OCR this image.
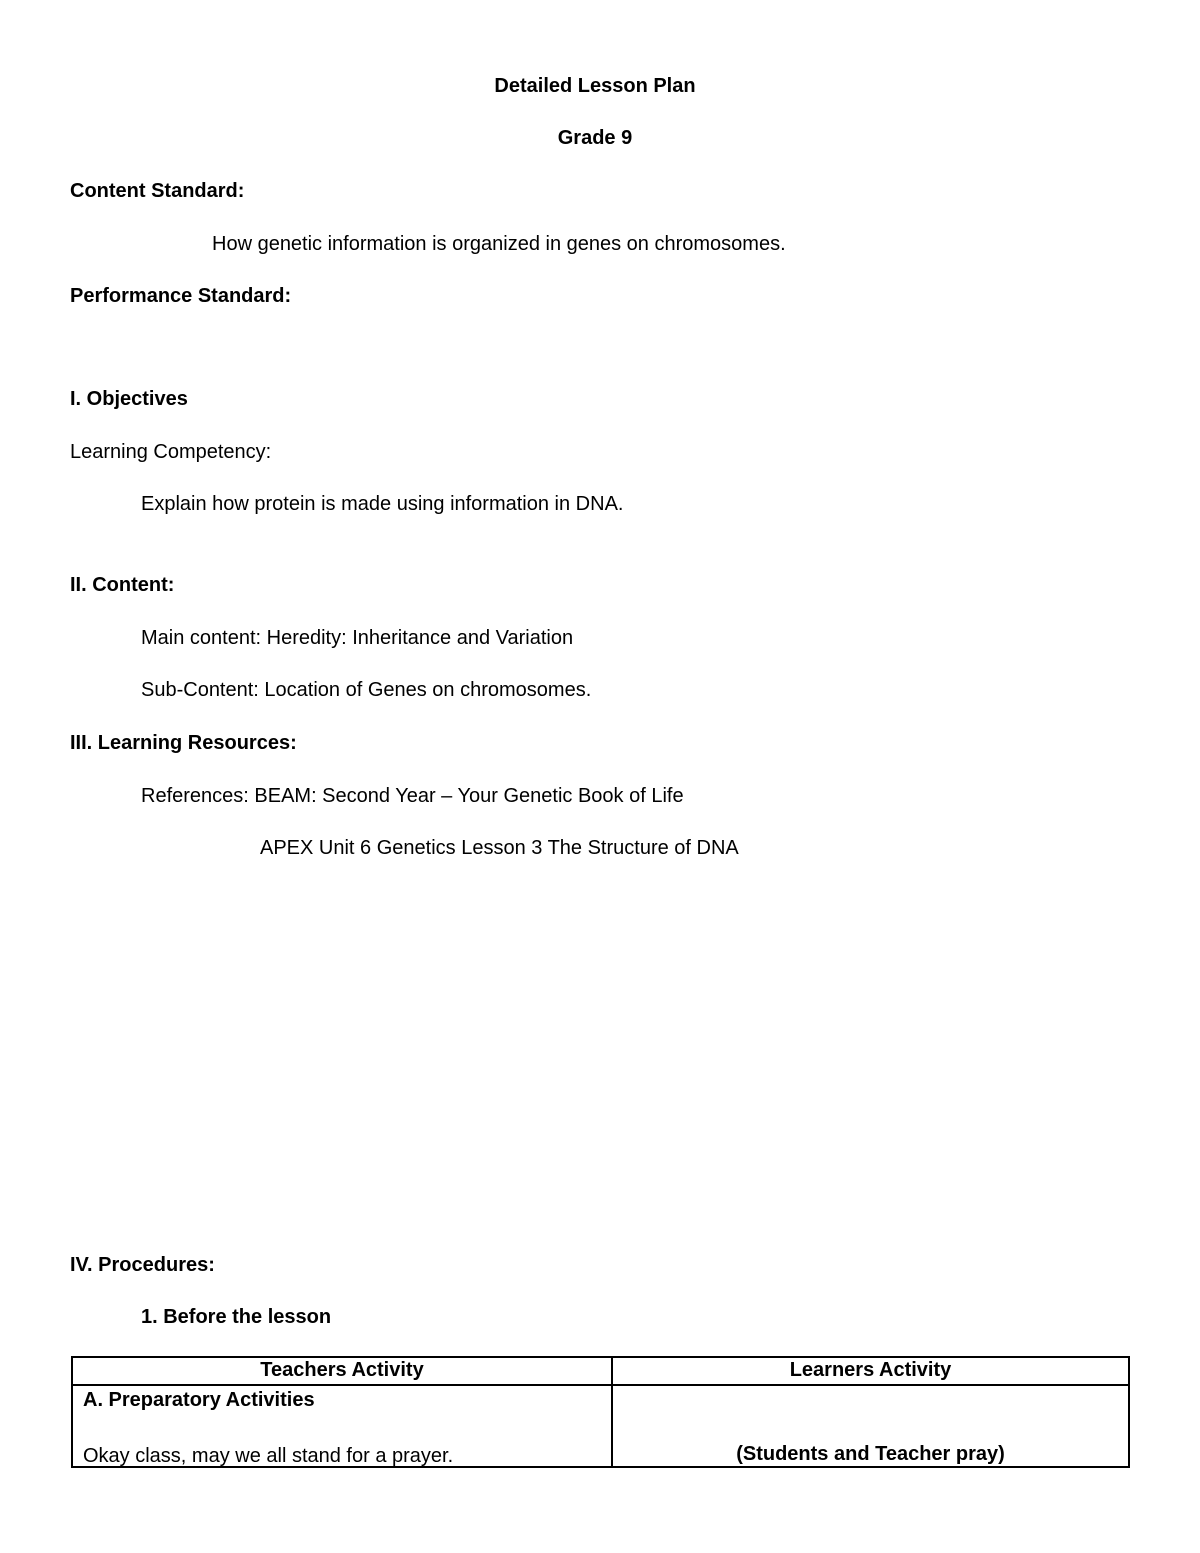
Detailed Lesson Plan
Grade 9
Content Standard:
How genetic information is organized in genes on chromosomes.
Performance Standard:
I. Objectives
Learning Competency:
Explain how protein is made using information in DNA.
II. Content:
Main content: Heredity: Inheritance and Variation
Sub-Content: Location of Genes on chromosomes.
III. Learning Resources:
References: BEAM: Second Year – Your Genetic Book of Life
APEX Unit 6 Genetics Lesson 3 The Structure of DNA
IV. Procedures:
1. Before the lesson
Teachers Activity	Learners Activity

A. Preparatory Activities
Okay class, may we all stand for a prayer.	(Students and Teacher pray)
